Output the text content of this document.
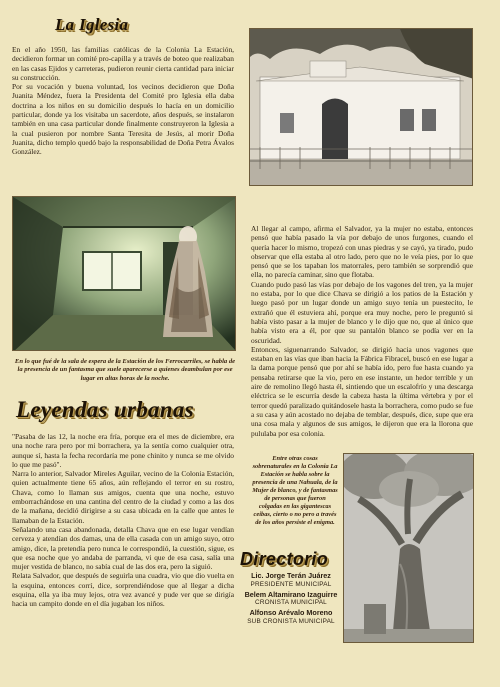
La Iglesia

En el año 1950, las familias católicas de la Colonia La Estación, decidieron formar un comité pro-capilla y a través de boteo que realizaban en las casas Ejidos y carreteras, pudieron reunir cierta cantidad para iniciar su construcción.

Por su vocación y buena voluntad, los vecinos decidieron que Doña Juanita Méndez, fuera la Presidenta del Comité pro Iglesia ella daba doctrina a los niños en su domicilio después lo hacía en un domicilio particular, donde ya los visitaba un sacerdote, años después, se instalaron también en una casa particular donde finalmente construyeron la Iglesia a la cual pusieron por nombre Santa Teresita de Jesús, al morir Doña Juanita, dicho templo quedó bajo la responsabilidad de Doña Petra Ávalos González.

En lo que fué de la sala de espera de la Estación de los Ferrocarriles, se habla de la presencia de un fantasma que suele aparecerse a quienes deambulan por ese lugar en altas horas de la noche.

Al llegar al campo, afirma el Salvador, ya la mujer no estaba, entonces pensó que había pasado la vía por debajo de unos furgones, cuando el quería hacer lo mismo, tropezó con unas piedras y se cayó, ya tirado, pudo observar que ella estaba al otro lado, pero que no le veía pies, por lo que pensó que se los tapaban los matorrales, pero también se sorprendió que ella, no parecía caminar, sino que flotaba.

Cuando pudo pasó las vías por debajo de los vagones del tren, ya la mujer no estaba, por lo que dice Chava se dirigió a los patios de la Estación y luego pasó por un lugar donde un amigo suyo tenía un puestecito, le extrañó que él estuviera ahí, porque era muy noche, pero le preguntó si había visto pasar a la mujer de blanco y le dijo que no, que al único que había visto era a él, por que su pantalón blanco se podía ver en la oscuridad.

Entonces, siguenarrando Salvador, se dirigió hacia unos vagones que estaban en las vías que iban hacia la Fábrica Fibracel, buscó en ese lugar a la dama porque pensó que por ahí se había ido, pero fue hasta cuando ya pensaba retirarse que la vio, pero en ese instante, un hedor terrible y un aire de remolino llegó hasta él, sintiendo que un escalofrío y una descarga eléctrica se le escurría desde la cabeza hasta la última vértebra y por el terror quedó paralizado quitándosele hasta la borrachera, como pudo se fue a su casa y aún acostado no dejaba de temblar, después, dice, supe que era una cosa mala y algunos de sus amigos, le dijeron que era la llorona que pululaba por esa colonia.

Leyendas urbanas

"Pasaba de las 12, la noche era fría, porque era el mes de diciembre, era una noche rara pero por mi borrachera, ya la sentía como cualquier otra, aunque sí, hasta la fecha recordaría me pone chinito y nunca se me olvido lo que me pasó".

Narra lo anterior, Salvador Mireles Aguilar, vecino de la Colonia Estación, quien actualmente tiene 65 años, aún reflejando el terror en su rostro, Chava, como lo llaman sus amigos, cuenta que una noche, estuvo emborrachándose en una cantina del centro de la ciudad y como a las dos de la mañana, decidió dirigirse a su casa ubicada en la calle que antes le llamaban de la Estación.

Señalando una casa abandonada, detalla Chava que en ese lugar vendían cerveza y atendían dos damas, una de ella casada con un amigo suyo, otro amigo, dice, la pretendía pero nunca le correspondió, la cuestión, sigue, es que esa noche que yo andaba de parranda, vi que de esa casa, salía una mujer vestida de blanco, no sabía cual de las dos era, pero la siguió.

Relata Salvador, que después de seguirla una cuadra, vio que dio vuelta en la esquina, entonces corrí, dice, sorprendiéndose que al llegar a dicha esquina, ella ya iba muy lejos, otra vez avancé y pude ver que se dirigía hacia un campito donde en el día jugaban los niños.

Entre otras cosas sobrenaturales en la Colonia La Estación se habla sobre la presencia de una Nahuala, de la Mujer de blanco, y de fantasmas de personas que fueron colgadas en las gigantescas ceibas, cierto o no pero a través de los años persiste el enigma.
Directorio
Lic. Jorge Terán Juárez
PRESIDENTE MUNICIPAL
Belem Altamirano Izaguirre
CRONISTA MUNICIPAL
Alfonso Arévalo Moreno
SUB CRONISTA MUNICIPAL
